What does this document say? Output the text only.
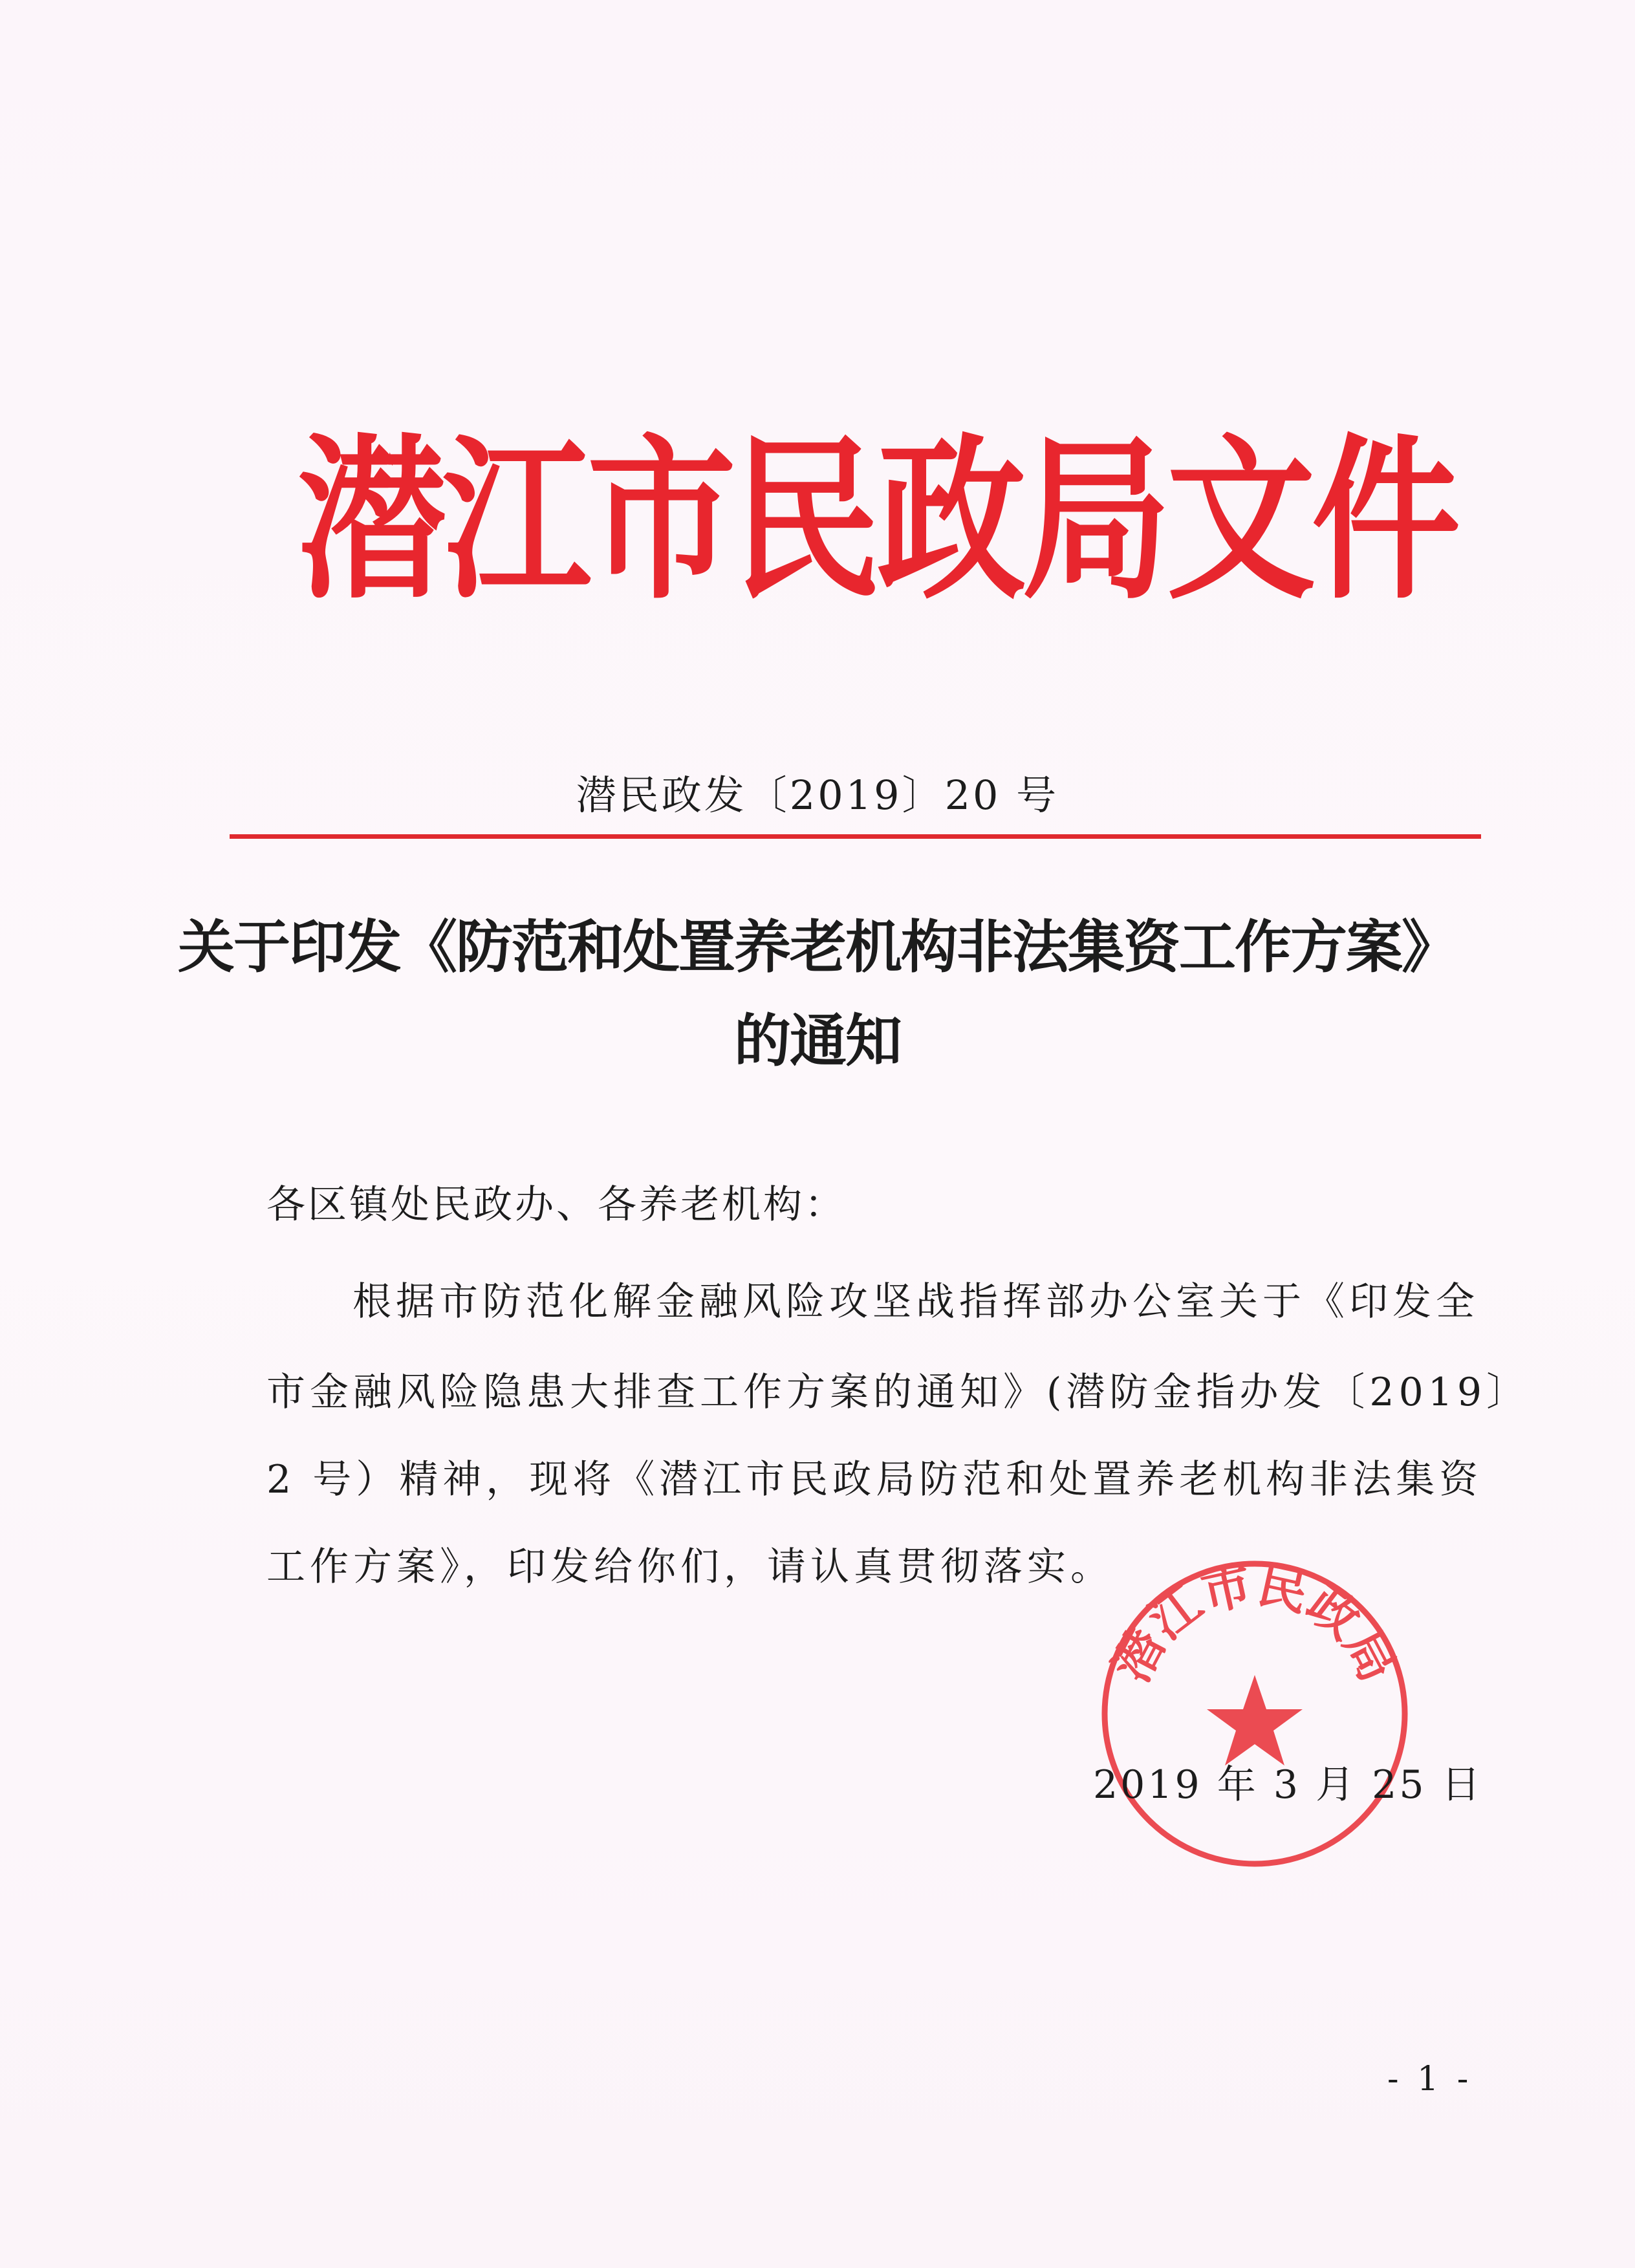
潜江市民政局文件
潜民政发〔2019〕20 号
关于印发《防范和处置养老机构非法集资工作方案》
的通知
各区镇处民政办、各养老机构：
根据市防范化解金融风险攻坚战指挥部办公室关于《印发全
市金融风险隐患大排查工作方案的通知》(潜防金指办发〔2019〕
2 号）精神，现将《潜江市民政局防范和处置养老机构非法集资
工作方案》，印发给你们，请认真贯彻落实。
潜江市民政局
2019 年 3 月 25 日
- 1 -
